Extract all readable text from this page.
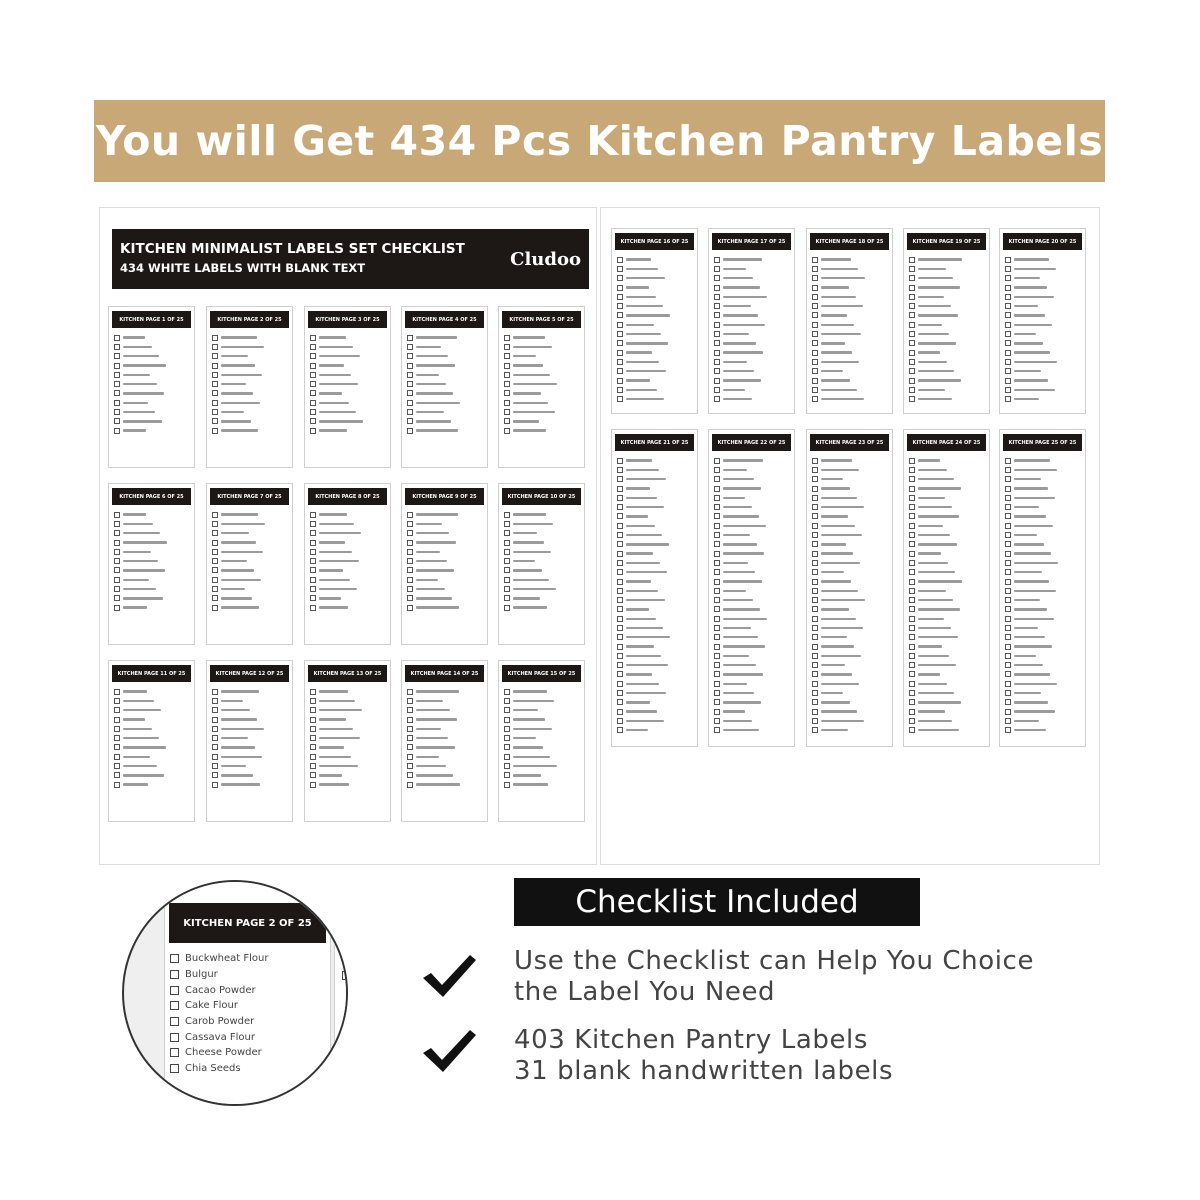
You will Get 434 Pcs Kitchen Pantry Labels
KITCHEN MINIMALIST LABELS SET CHECKLIST
434 WHITE LABELS WITH BLANK TEXT	Cludoo
KITCHEN PAGE 1 OF 25	KITCHEN PAGE 2 OF 25	KITCHEN PAGE 3 OF 25	KITCHEN PAGE 4 OF 25	KITCHEN PAGE 5 OF 25
KITCHEN PAGE 6 OF 25	KITCHEN PAGE 7 OF 25	KITCHEN PAGE 8 OF 25	KITCHEN PAGE 9 OF 25	KITCHEN PAGE 10 OF 25
KITCHEN PAGE 11 OF 25	KITCHEN PAGE 12 OF 25	KITCHEN PAGE 13 OF 25	KITCHEN PAGE 14 OF 25	KITCHEN PAGE 15 OF 25
KITCHEN PAGE 16 OF 25	KITCHEN PAGE 17 OF 25	KITCHEN PAGE 18 OF 25	KITCHEN PAGE 19 OF 25	KITCHEN PAGE 20 OF 25
KITCHEN PAGE 21 OF 25	KITCHEN PAGE 22 OF 25	KITCHEN PAGE 23 OF 25	KITCHEN PAGE 24 OF 25	KITCHEN PAGE 25 OF 25
KITCHEN PAGE 2 OF 25
Buckwheat Flour
Bulgur
Cacao Powder
Cake Flour
Carob Powder
Cassava Flour
Cheese Powder
Chia Seeds
Checklist Included
Use the Checklist can Help You Choice
the Label You Need
403 Kitchen Pantry Labels
31 blank handwritten labels
